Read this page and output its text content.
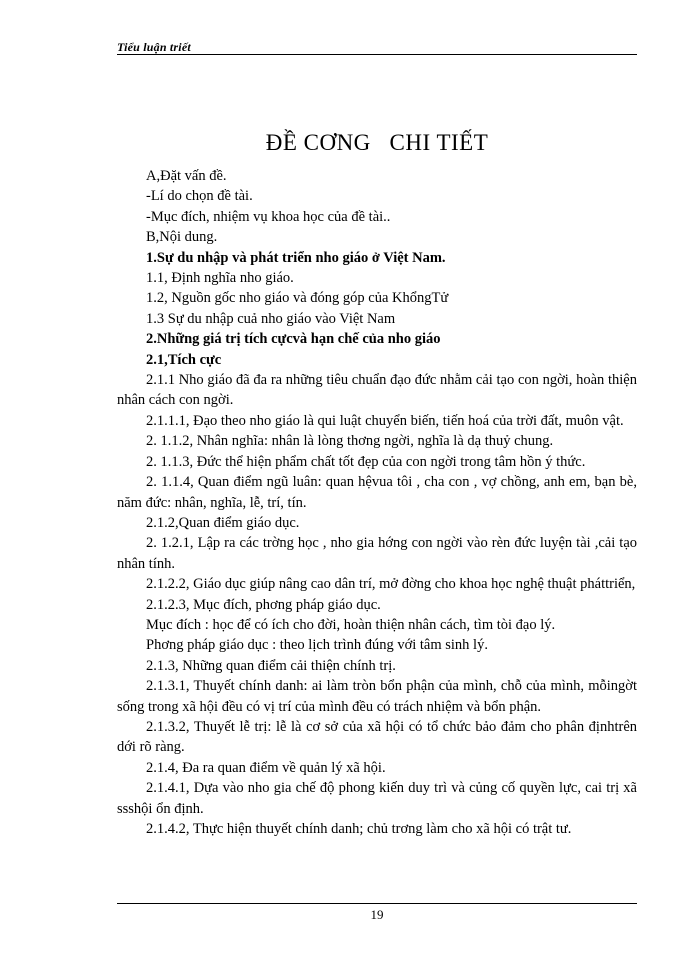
Tiểu luận triết
ĐỀ CƠNG   CHI TIẾT

A,Đặt vấn đề.

-Lí do chọn đề tài.

-Mục đích, nhiệm vụ khoa học của đề tài..

B,Nội dung.

1.Sự du nhập và phát triển nho giáo ở Việt Nam.

1.1, Định nghĩa nho giáo.

1.2, Nguồn gốc nho giáo và đóng góp của KhổngTử

1.3 Sự du nhập cuả nho giáo vào Việt Nam

2.Những giá trị tích cựcvà hạn chế của nho giáo

2.1,Tích cực

2.1.1 Nho giáo đã đa ra những tiêu chuẩn đạo đức nhằm cải tạo con ngời, hoàn thiện nhân cách con ngời.

2.1.1.1, Đạo theo nho giáo là qui luật chuyển biến, tiến hoá của trời đất, muôn vật.

2. 1.1.2, Nhân nghĩa: nhân là lòng thơng ngời, nghĩa là dạ thuỷ chung.

2. 1.1.3, Đức thể hiện phẩm chất tốt đẹp của con ngời trong tâm hồn ý thức.

2. 1.1.4, Quan điểm ngũ luân: quan hệvua tôi , cha con , vợ chồng, anh em, bạn bè, năm đức: nhân, nghĩa, lễ, trí, tín.

2.1.2,Quan điểm giáo dục.

2. 1.2.1, Lập ra các trờng học , nho gia hớng con ngời vào rèn đức luyện tài ,cải tạo nhân tính.

2.1.2.2, Giáo dục giúp nâng cao dân trí, mở đờng cho khoa học nghệ thuật pháttriển,

2.1.2.3, Mục đích, phơng pháp giáo dục.

Mục đích : học để có ích cho đời, hoàn thiện nhân cách, tìm tòi đạo lý.

Phơng pháp giáo dục : theo lịch trình đúng với tâm sinh lý.

2.1.3, Những quan điểm cải thiện chính trị.

2.1.3.1, Thuyết chính danh: ai làm tròn bổn phận của mình, chỗ của mình, mỗingờt sống trong xã hội đều có vị trí của mình đều có trách nhiệm và bổn phận.

2.1.3.2, Thuyết lễ trị: lễ là cơ sở của xã hội có tổ chức bảo đảm cho phân địnhtrên dới rõ ràng.

2.1.4, Đa ra quan điểm về quản lý xã hội.

2.1.4.1, Dựa vào nho gia chế độ phong kiến duy trì và củng cố quyền lực, cai trị xã ssshội ổn định.

2.1.4.2, Thực hiện thuyết chính danh; chủ trơng làm cho xã hội có trật tư.

19
